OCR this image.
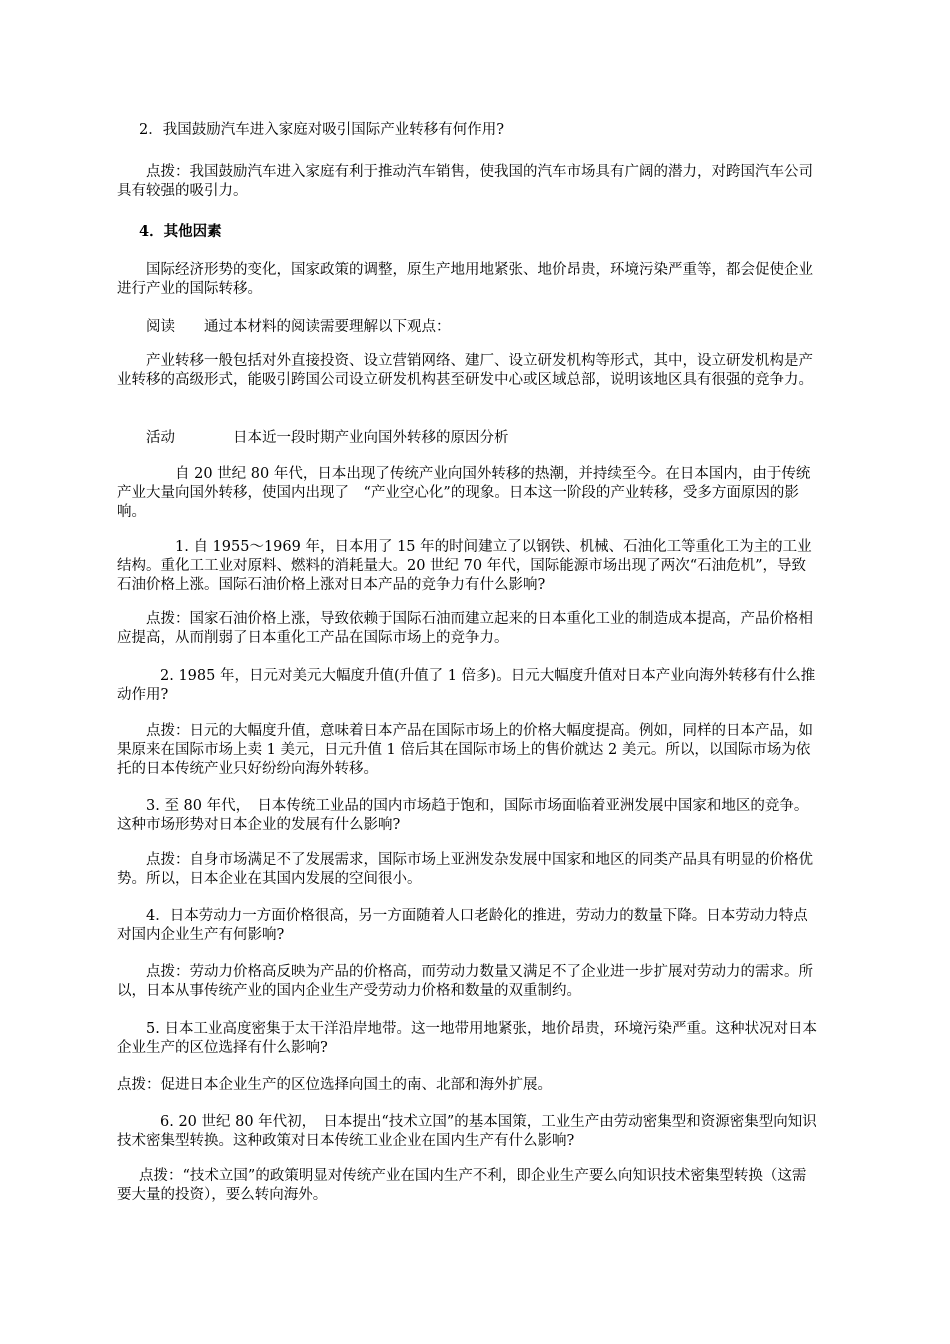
2．我国鼓励汽车进入家庭对吸引国际产业转移有何作用?

点拨：我国鼓励汽车进入家庭有利于推动汽车销售，使我国的汽车市场具有广阔的潜力，对跨国汽车公司具有较强的吸引力。

4．其他因素

国际经济形势的变化，国家政策的调整，原生产地用地紧张、地价昂贵，环境污染严重等，都会促使企业进行产业的国际转移。

阅读　　通过本材料的阅读需要理解以下观点：

产业转移一般包括对外直接投资、设立营销网络、建厂、设立研发机构等形式，其中，设立研发机构是产业转移的高级形式，能吸引跨国公司设立研发机构甚至研发中心或区域总部，说明该地区具有很强的竞争力。

活动　　　　日本近一段时期产业向国外转移的原因分析

自 20 世纪 80 年代，日本出现了传统产业向国外转移的热潮，并持续至今。在日本国内，由于传统产业大量向国外转移，使国内出现了　“产业空心化”的现象。日本这一阶段的产业转移，受多方面原因的影响。

1. 自 1955～1969 年，日本用了 15 年的时间建立了以钢铁、机械、石油化工等重化工为主的工业结构。重化工工业对原料、燃料的消耗量大。20 世纪 70 年代，国际能源市场出现了两次“石油危机”，导致石油价格上涨。国际石油价格上涨对日本产品的竞争力有什么影响?

点拨：国家石油价格上涨，导致依赖于国际石油而建立起来的日本重化工业的制造成本提高，产品价格相应提高，从而削弱了日本重化工产品在国际市场上的竞争力。

2. 1985 年，日元对美元大幅度升值(升值了 1 倍多)。日元大幅度升值对日本产业向海外转移有什么推动作用?

点拨：日元的大幅度升值，意味着日本产品在国际市场上的价格大幅度提高。例如，同样的日本产品，如果原来在国际市场上卖 1 美元，日元升值 1 倍后其在国际市场上的售价就达 2 美元。所以，以国际市场为依托的日本传统产业只好纷纷向海外转移。

3. 至 80 年代，　日本传统工业品的国内市场趋于饱和，国际市场面临着亚洲发展中国家和地区的竞争。这种市场形势对日本企业的发展有什么影响?

点拨：自身市场满足不了发展需求，国际市场上亚洲发杂发展中国家和地区的同类产品具有明显的价格优势。所以，日本企业在其国内发展的空间很小。

4．日本劳动力一方面价格很高，另一方面随着人口老龄化的推进，劳动力的数量下降。日本劳动力特点对国内企业生产有何影响?

点拨：劳动力价格高反映为产品的价格高，而劳动力数量又满足不了企业进一步扩展对劳动力的需求。所以，日本从事传统产业的国内企业生产受劳动力价格和数量的双重制约。

5. 日本工业高度密集于太干洋沿岸地带。这一地带用地紧张，地价昂贵，环境污染严重。这种状况对日本企业生产的区位选择有什么影响?

点拨：促进日本企业生产的区位选择向国土的南、北部和海外扩展。

6. 20 世纪 80 年代初，　日本提出“技术立国”的基本国策，工业生产由劳动密集型和资源密集型向知识技术密集型转换。这种政策对日本传统工业企业在国内生产有什么影响?

点拨：“技术立国”的政策明显对传统产业在国内生产不利，即企业生产要么向知识技术密集型转换（这需要大量的投资），要么转向海外。
